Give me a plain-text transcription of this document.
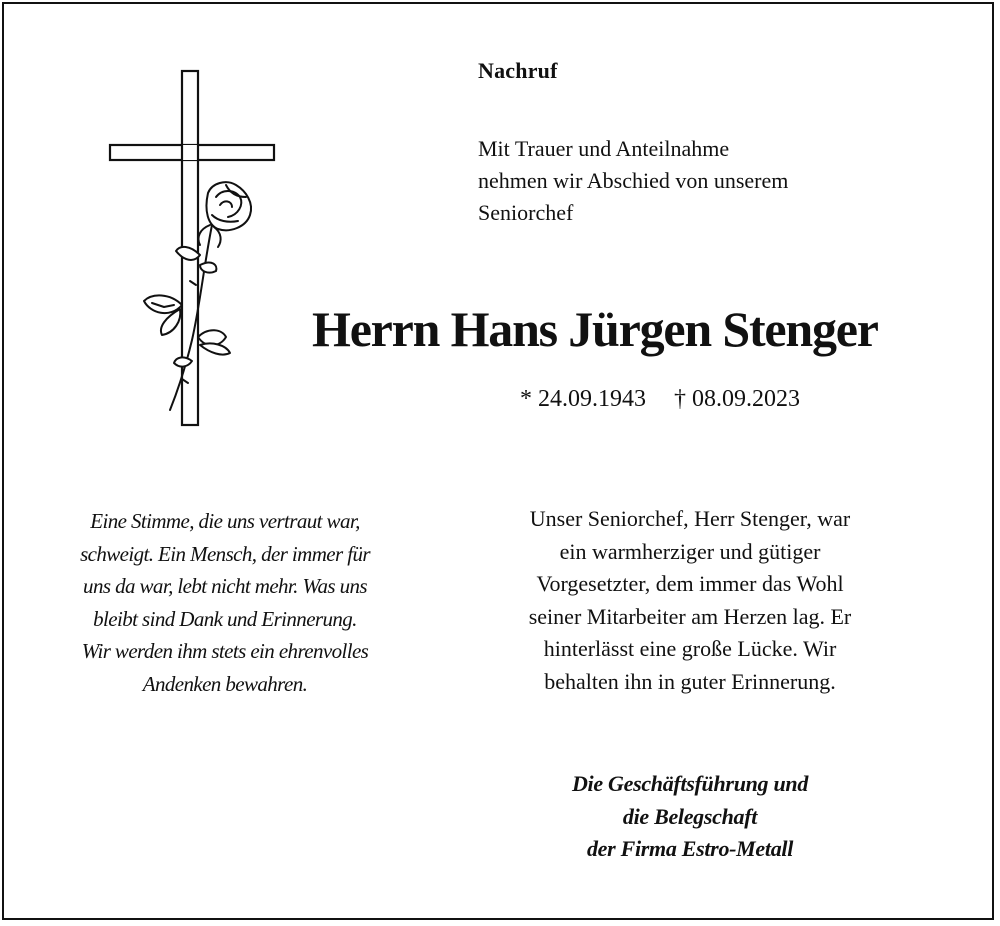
Nachruf
Mit Trauer und Anteilnahme
nehmen wir Abschied von unserem
Seniorchef
Herrn Hans Jürgen Stenger
* 24.09.1943 † 08.09.2023
Eine Stimme, die uns vertraut war,
schweigt. Ein Mensch, der immer für
uns da war, lebt nicht mehr. Was uns
bleibt sind Dank und Erinnerung.
Wir werden ihm stets ein ehrenvolles
Andenken bewahren.
Unser Seniorchef, Herr Stenger, war
ein warmherziger und gütiger
Vorgesetzter, dem immer das Wohl
seiner Mitarbeiter am Herzen lag. Er
hinterlässt eine große Lücke. Wir
behalten ihn in guter Erinnerung.
Die Geschäftsführung und
die Belegschaft
der Firma Estro-Metall
